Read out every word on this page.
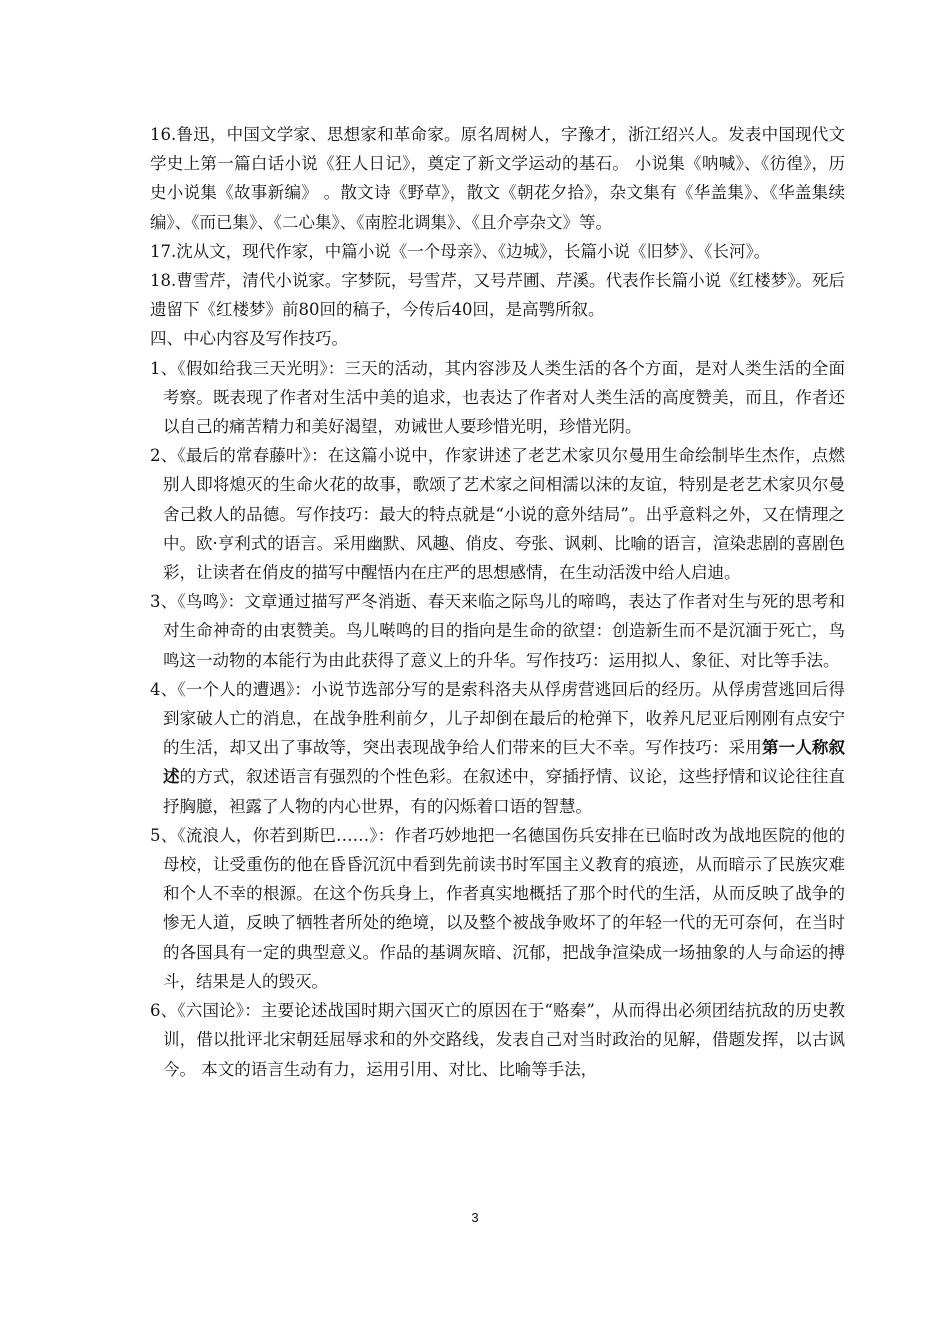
16.鲁迅，中国文学家、思想家和革命家。原名周树人，字豫才，浙江绍兴人。发表中国现代文学史上第一篇白话小说《狂人日记》，奠定了新文学运动的基石。 小说集《呐喊》、《彷徨》，历史小说集《故事新编》 。散文诗《野草》，散文《朝花夕拾》，杂文集有《华盖集》、《华盖集续编》、《而已集》、《二心集》、《南腔北调集》、《且介亭杂文》等。

17.沈从文，现代作家，中篇小说《一个母亲》、《边城》，长篇小说《旧梦》、《长河》。

18.曹雪芹，清代小说家。字梦阮，号雪芹，又号芹圃、芹溪。代表作长篇小说《红楼梦》。死后遗留下《红楼梦》前80回的稿子，今传后40回，是高鹗所叙。

四、中心内容及写作技巧。

1、《假如给我三天光明》：三天的活动，其内容涉及人类生活的各个方面，是对人类生活的全面考察。既表现了作者对生活中美的追求，也表达了作者对人类生活的高度赞美，而且，作者还以自己的痛苦精力和美好渴望，劝诫世人要珍惜光明，珍惜光阴。

2、《最后的常春藤叶》：在这篇小说中，作家讲述了老艺术家贝尔曼用生命绘制毕生杰作，点燃别人即将熄灭的生命火花的故事，歌颂了艺术家之间相濡以沫的友谊，特别是老艺术家贝尔曼舍己救人的品德。写作技巧：最大的特点就是“小说的意外结局”。出乎意料之外，又在情理之中。欧·亨利式的语言。采用幽默、风趣、俏皮、夸张、讽刺、比喻的语言，渲染悲剧的喜剧色彩，让读者在俏皮的描写中醒悟内在庄严的思想感情，在生动活泼中给人启迪。

3、《鸟鸣》：文章通过描写严冬消逝、春天来临之际鸟儿的啼鸣，表达了作者对生与死的思考和对生命神奇的由衷赞美。鸟儿啭鸣的目的指向是生命的欲望：创造新生而不是沉湎于死亡，鸟鸣这一动物的本能行为由此获得了意义上的升华。写作技巧：运用拟人、象征、对比等手法。

4、《一个人的遭遇》：小说节选部分写的是索科洛夫从俘虏营逃回后的经历。从俘虏营逃回后得到家破人亡的消息，在战争胜利前夕，儿子却倒在最后的枪弹下，收养凡尼亚后刚刚有点安宁的生活，却又出了事故等，突出表现战争给人们带来的巨大不幸。写作技巧：采用第一人称叙述的方式，叙述语言有强烈的个性色彩。在叙述中，穿插抒情、议论，这些抒情和议论往往直抒胸臆，袒露了人物的内心世界，有的闪烁着口语的智慧。

5、《流浪人，你若到斯巴……》：作者巧妙地把一名德国伤兵安排在已临时改为战地医院的他的母校，让受重伤的他在昏昏沉沉中看到先前读书时军国主义教育的痕迹，从而暗示了民族灾难和个人不幸的根源。在这个伤兵身上，作者真实地概括了那个时代的生活，从而反映了战争的惨无人道，反映了牺牲者所处的绝境，以及整个被战争败坏了的年轻一代的无可奈何，在当时的各国具有一定的典型意义。作品的基调灰暗、沉郁，把战争渲染成一场抽象的人与命运的搏斗，结果是人的毁灭。

6、《六国论》：主要论述战国时期六国灭亡的原因在于“赂秦”，从而得出必须团结抗敌的历史教训，借以批评北宋朝廷屈辱求和的外交路线，发表自己对当时政治的见解，借题发挥，以古讽今。 本文的语言生动有力，运用引用、对比、比喻等手法，

3
